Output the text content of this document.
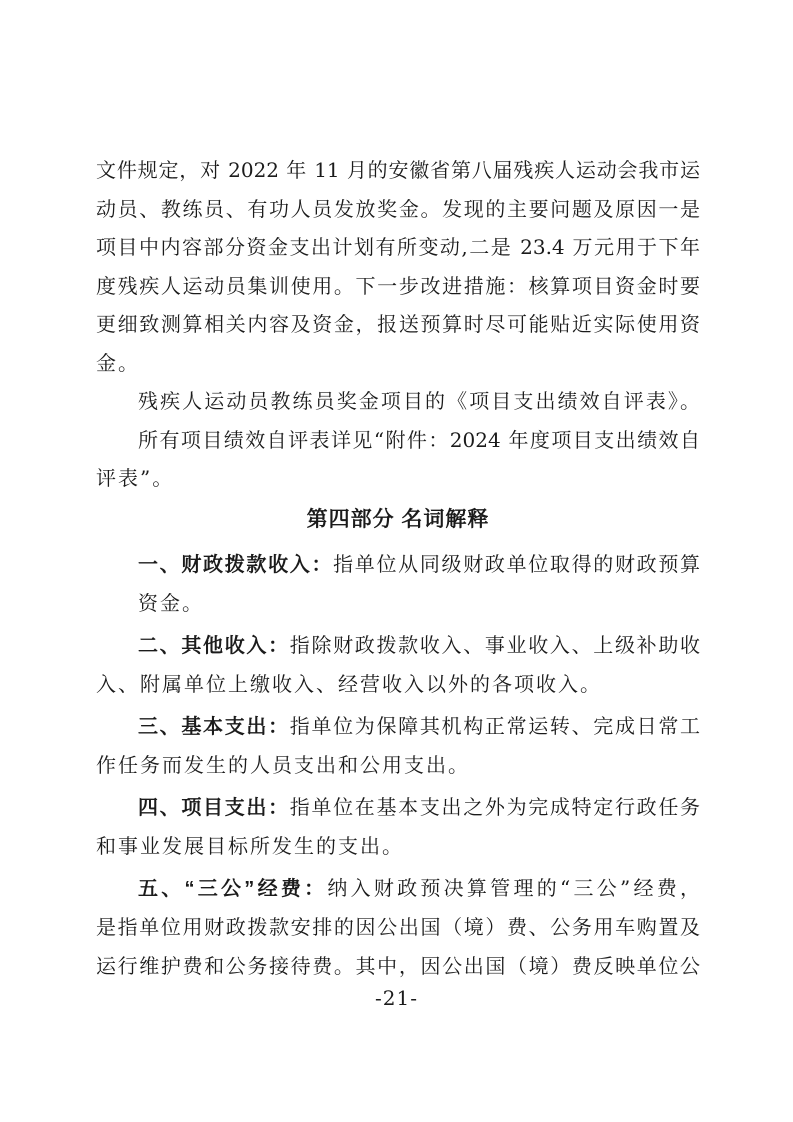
文件规定，对 2022 年 11 月的安徽省第八届残疾人运动会我市运
动员、教练员、有功人员发放奖金。发现的主要问题及原因一是
项目中内容部分资金支出计划有所变动,二是 23.4 万元用于下年
度残疾人运动员集训使用。下一步改进措施：核算项目资金时要
更细致测算相关内容及资金，报送预算时尽可能贴近实际使用资
金。
残疾人运动员教练员奖金项目的《项目支出绩效自评表》。
所有项目绩效自评表详见“附件：2024 年度项目支出绩效自
评表”。
第四部分 名词解释
一、财政拨款收入：指单位从同级财政单位取得的财政预算
资金。
二、其他收入：指除财政拨款收入、事业收入、上级补助收
入、附属单位上缴收入、经营收入以外的各项收入。
三、基本支出：指单位为保障其机构正常运转、完成日常工
作任务而发生的人员支出和公用支出。
四、项目支出：指单位在基本支出之外为完成特定行政任务
和事业发展目标所发生的支出。
五、“三公”经费：纳入财政预决算管理的“三公”经费，
是指单位用财政拨款安排的因公出国（境）费、公务用车购置及
运行维护费和公务接待费。其中，因公出国（境）费反映单位公
-21-
